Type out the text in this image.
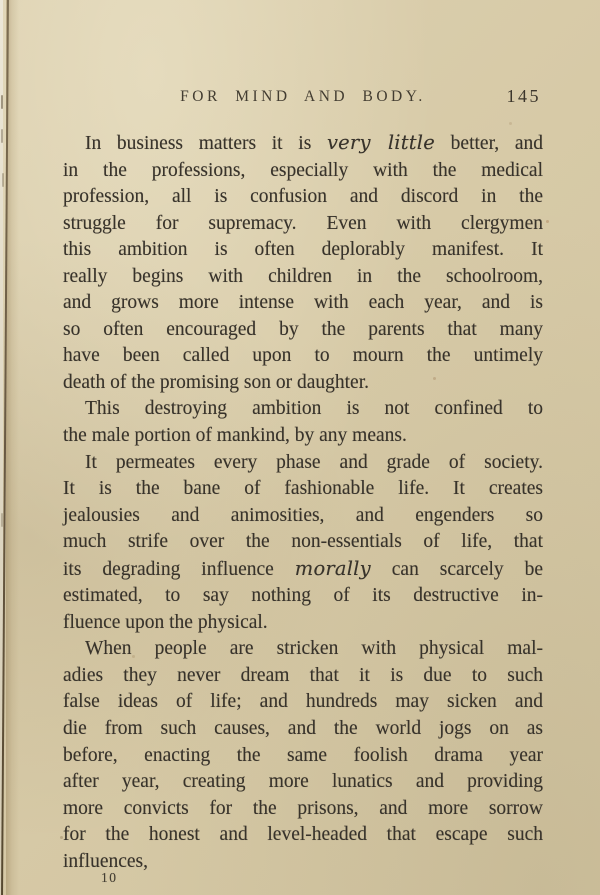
FOR MIND AND BODY.	145
In business matters it is very little better, and
in the professions, especially with the medical
profession, all is confusion and discord in the
struggle for supremacy. Even with clergymen
this ambition is often deplorably manifest. It
really begins with children in the schoolroom,
and grows more intense with each year, and is
so often encouraged by the parents that many
have been called upon to mourn the untimely
death of the promising son or daughter.
This destroying ambition is not confined to
the male portion of mankind, by any means.
It permeates every phase and grade of society.
It is the bane of fashionable life. It creates
jealousies and animosities, and engenders so
much strife over the non-essentials of life, that
its degrading influence morally can scarcely be
estimated, to say nothing of its destructive in-
fluence upon the physical.
When people are stricken with physical mal-
adies they never dream that it is due to such
false ideas of life; and hundreds may sicken and
die from such causes, and the world jogs on as
before, enacting the same foolish drama year
after year, creating more lunatics and providing
more convicts for the prisons, and more sorrow
for the honest and level-headed that escape such
influences,
10
